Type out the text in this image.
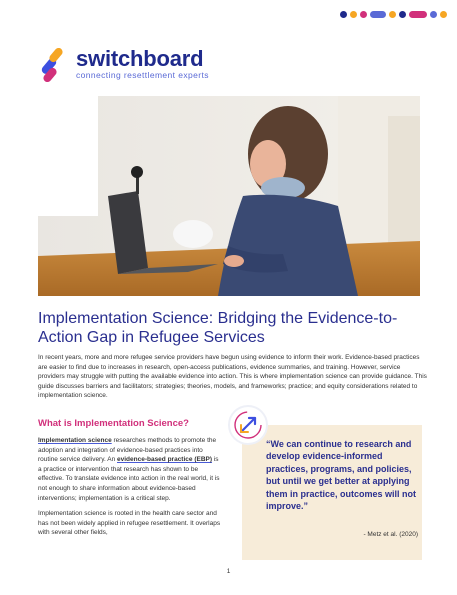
switchboard
connecting resettlement experts
Implementation Science: Bridging the Evidence-to-Action Gap in Refugee Services

In recent years, more and more refugee service providers have begun using evidence to inform their work. Evidence-based practices are easier to find due to increases in research, open-access publications, evidence summaries, and training. However, service providers may struggle with putting the available evidence into action. This is where implementation science can provide guidance. This guide discusses barriers and facilitators; strategies; theories, models, and frameworks; practice; and equity considerations related to implementation science.

What is Implementation Science?

Implementation science researches methods to promote the adoption and integration of evidence-based practices into routine service delivery. An evidence-based practice (EBP) is a practice or intervention that research has shown to be effective. To translate evidence into action in the real world, it is not enough to share information about evidence-based interventions; implementation is a critical step.

Implementation science is rooted in the health care sector and has not been widely applied in refugee resettlement. It overlaps with several other fields,

“We can continue to research and develop evidence-informed practices, programs, and policies, but until we get better at applying them in practice, outcomes will not improve.”

- Metz et al. (2020)

1
